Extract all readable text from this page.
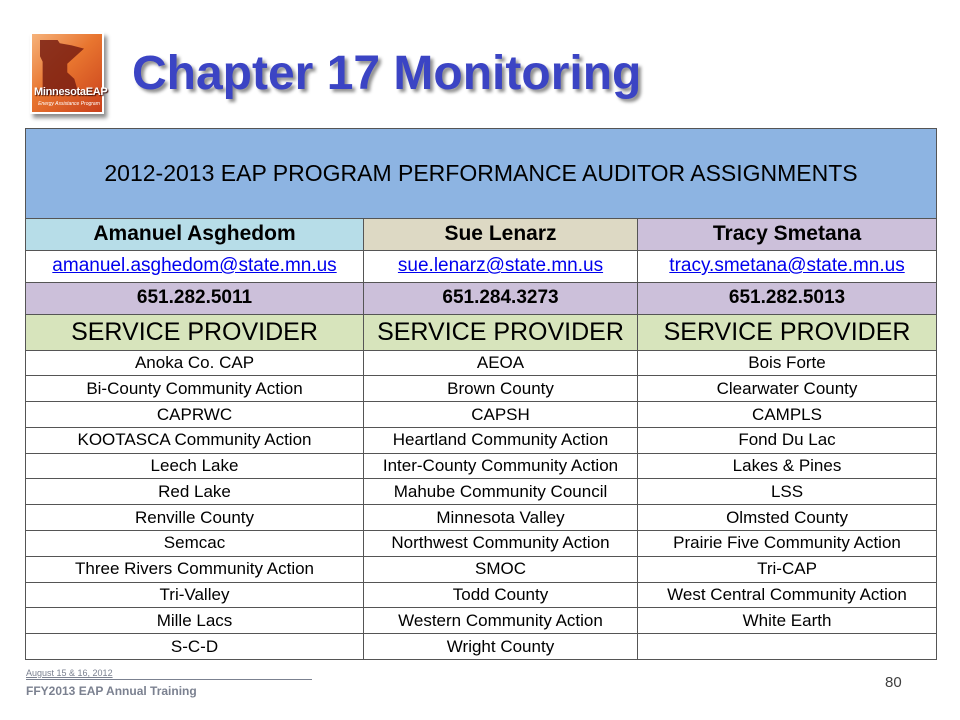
MinnesotaEAP
Energy Assistance Program
Chapter 17 Monitoring
2012-2013 EAP PROGRAM PERFORMANCE AUDITOR ASSIGNMENTS		
Amanuel Asghedom	Sue Lenarz	Tracy Smetana
amanuel.asghedom@state.mn.us	sue.lenarz@state.mn.us	tracy.smetana@state.mn.us
651.282.5011	651.284.3273	651.282.5013
SERVICE PROVIDER	SERVICE PROVIDER	SERVICE PROVIDER
Anoka Co. CAP	AEOA	Bois Forte
Bi-County Community Action	Brown County	Clearwater County
CAPRWC	CAPSH	CAMPLS
KOOTASCA Community Action	Heartland Community Action	Fond Du Lac
Leech Lake	Inter-County Community Action	Lakes & Pines
Red Lake	Mahube Community Council	LSS
Renville County	Minnesota Valley	Olmsted County
Semcac	Northwest Community Action	Prairie Five Community Action
Three Rivers Community Action	SMOC	Tri-CAP
Tri-Valley	Todd County	West Central Community Action
Mille Lacs	Western Community Action	White Earth
S-C-D	Wright County	
August 15 & 16, 2012
FFY2013 EAP Annual Training	80
